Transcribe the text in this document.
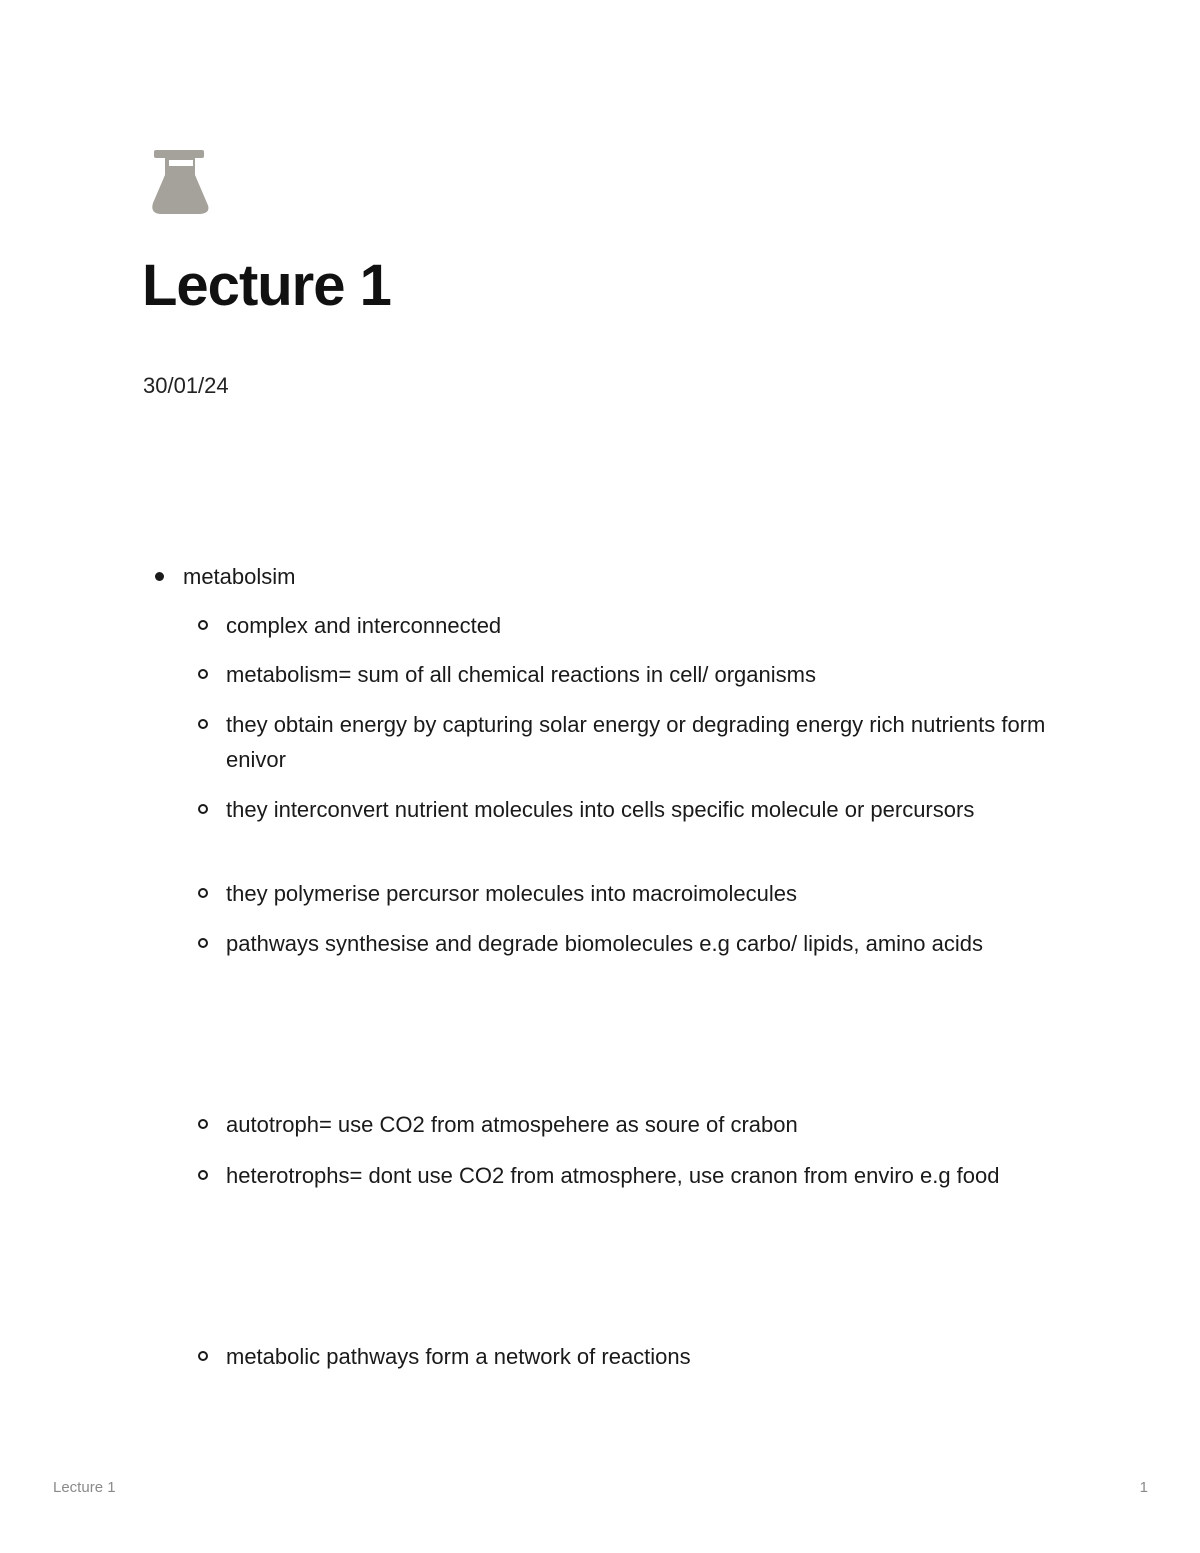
Lecture 1
30/01/24
metabolsim
complex and interconnected
metabolism= sum of all chemical reactions in cell/ organisms
they obtain energy by capturing solar energy or degrading energy rich nutrients form enivor
they interconvert nutrient molecules into cells specific molecule or percursors
they polymerise percursor molecules into macroimolecules
pathways synthesise and degrade biomolecules e.g carbo/ lipids, amino acids
autotroph= use CO2 from atmospehere as soure of crabon
heterotrophs= dont use CO2 from atmosphere, use cranon from enviro e.g food
metabolic pathways form a network of reactions
Lecture 1	1
